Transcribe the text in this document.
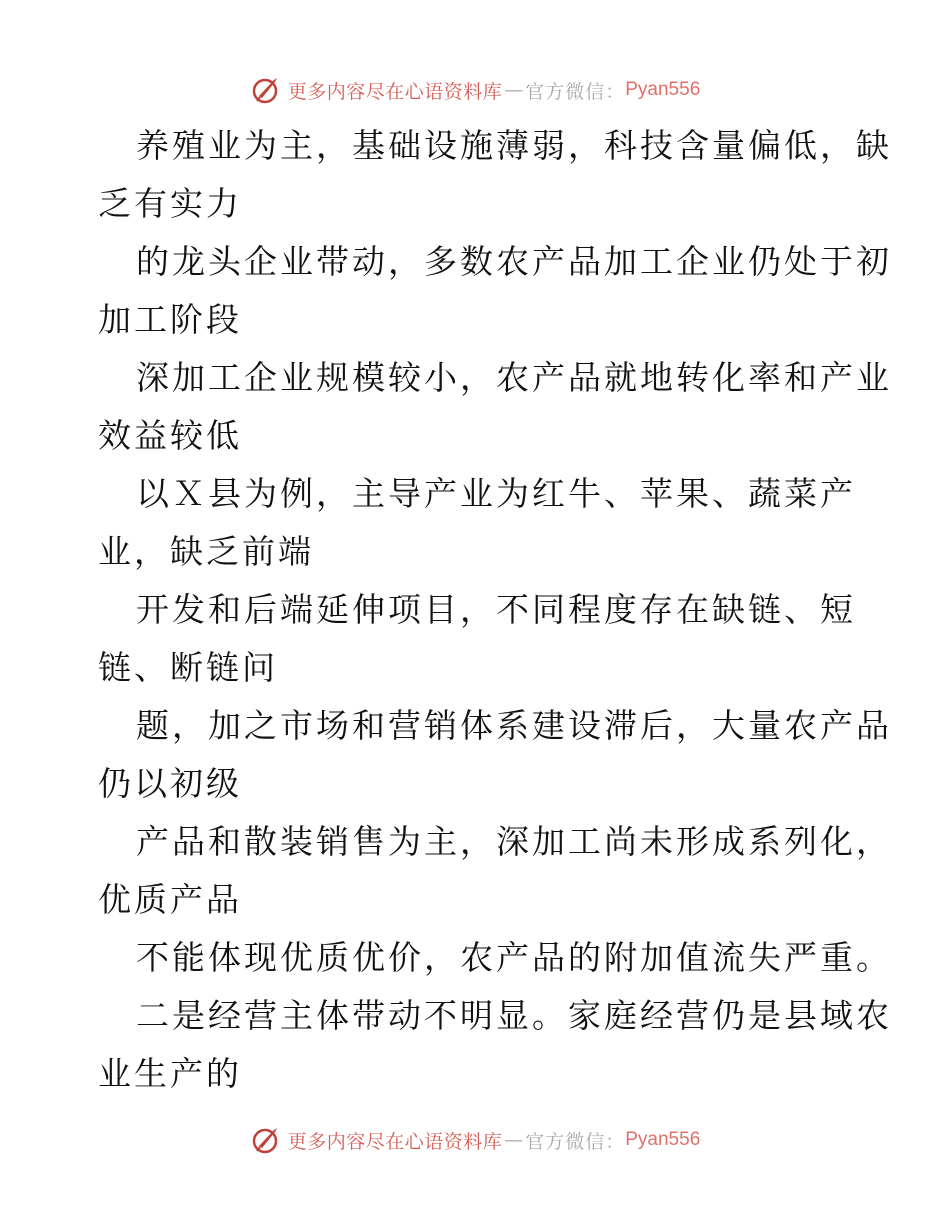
更多内容尽在心语资料库 — 官方微信： Pyan556

养殖业为主，基础设施薄弱，科技含量偏低，缺
乏有实力

的龙头企业带动，多数农产品加工企业仍处于初
加工阶段

深加工企业规模较小，农产品就地转化率和产业
效益较低

以Ｘ县为例，主导产业为红牛、苹果、蔬菜产
业，缺乏前端

开发和后端延伸项目，不同程度存在缺链、短
链、断链问

题，加之市场和营销体系建设滞后，大量农产品
仍以初级

产品和散装销售为主，深加工尚未形成系列化，
优质产品

不能体现优质优价，农产品的附加值流失严重。

二是经营主体带动不明显。家庭经营仍是县域农
业生产的

更多内容尽在心语资料库 — 官方微信： Pyan556
